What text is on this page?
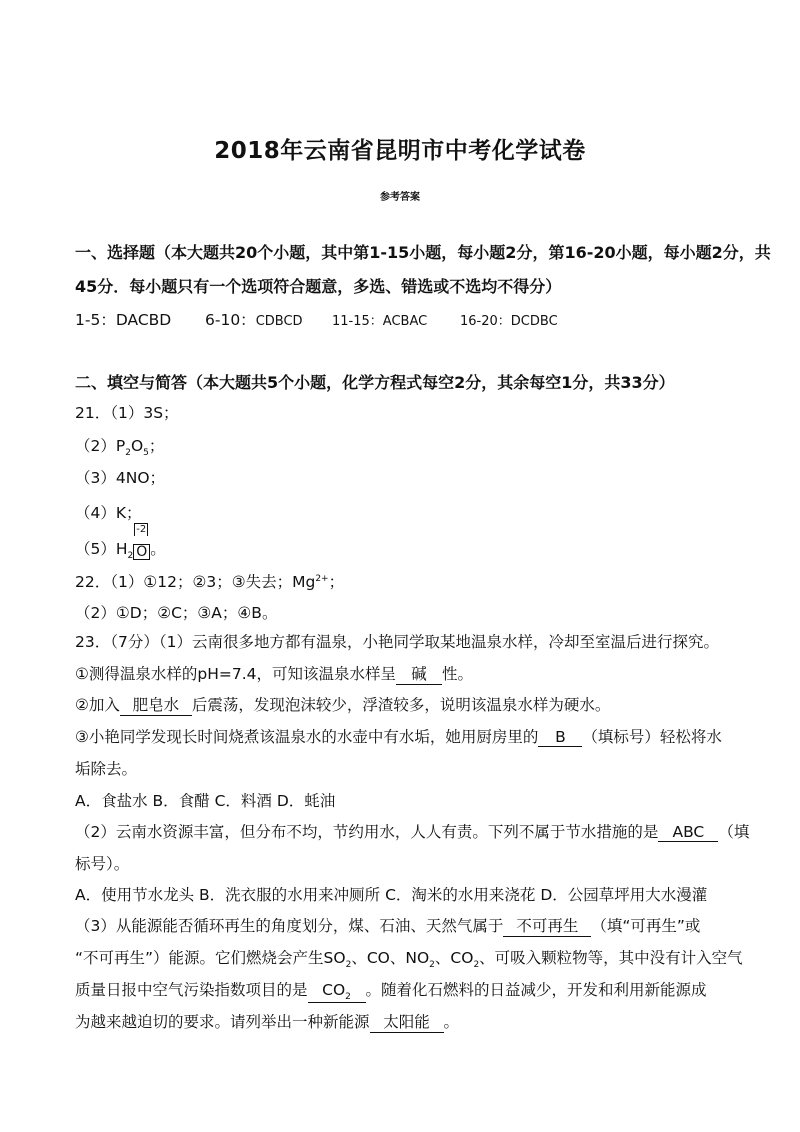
2018年云南省昆明市中考化学试卷
参考答案
一、选择题（本大题共20个小题，其中第1-15小题，每小题2分，第16-20小题，每小题2分，共
45分．每小题只有一个选项符合题意，多选、错选或不选均不得分）
1-5：DACBD 6-10：CDBCD 11-15：ACBAC	16-20：DCDBC
二、填空与简答（本大题共5个小题，化学方程式每空2分，其余每空1分，共33分）
21．（1）3S；
$(2)P_2O_5$；
（3）4NO；
（4）K；
$(5)H_2$
-2
O 。
22．（1）①12；②3；③失去；$Mg^{2+}$；
（2）①D；②C；③A；④B。
23．（7分）（1）云南很多地方都有温泉，小艳同学取某地温泉水样，冷却至室温后进行探究。
①测得温泉水样的pH=7.4，可知该温泉水样呈 碱 性。
②加入 肥皂水 后震荡，发现泡沫较少，浮渣较多，说明该温泉水样为硬水。
③小艳同学发现长时间烧煮该温泉水的水壶中有水垢，她用厨房里的 B （填标号）轻松将水
垢除去。
A．食盐水 B．食醋 C．料酒 D．蚝油
（2）云南水资源丰富，但分布不均，节约用水，人人有责。下列不属于节水措施的是 ABC （填
标号）。
A．使用节水龙头 B．洗衣服的水用来冲厕所 C．淘米的水用来浇花 D．公园草坪用大水漫灌
（3）从能源能否循环再生的角度划分，煤、石油、天然气属于 不可再生 （填“可再生”或
“不可再生”）能源。它们燃烧会产生$SO_2$、CO、$NO_2$、$CO_2$、可吸入颗粒物等，其中没有计入空气
质量日报中空气污染指数项目的是 $CO_2$ 。随着化石燃料的日益减少，开发和利用新能源成
为越来越迫切的要求。请列举出一种新能源 太阳能 。
